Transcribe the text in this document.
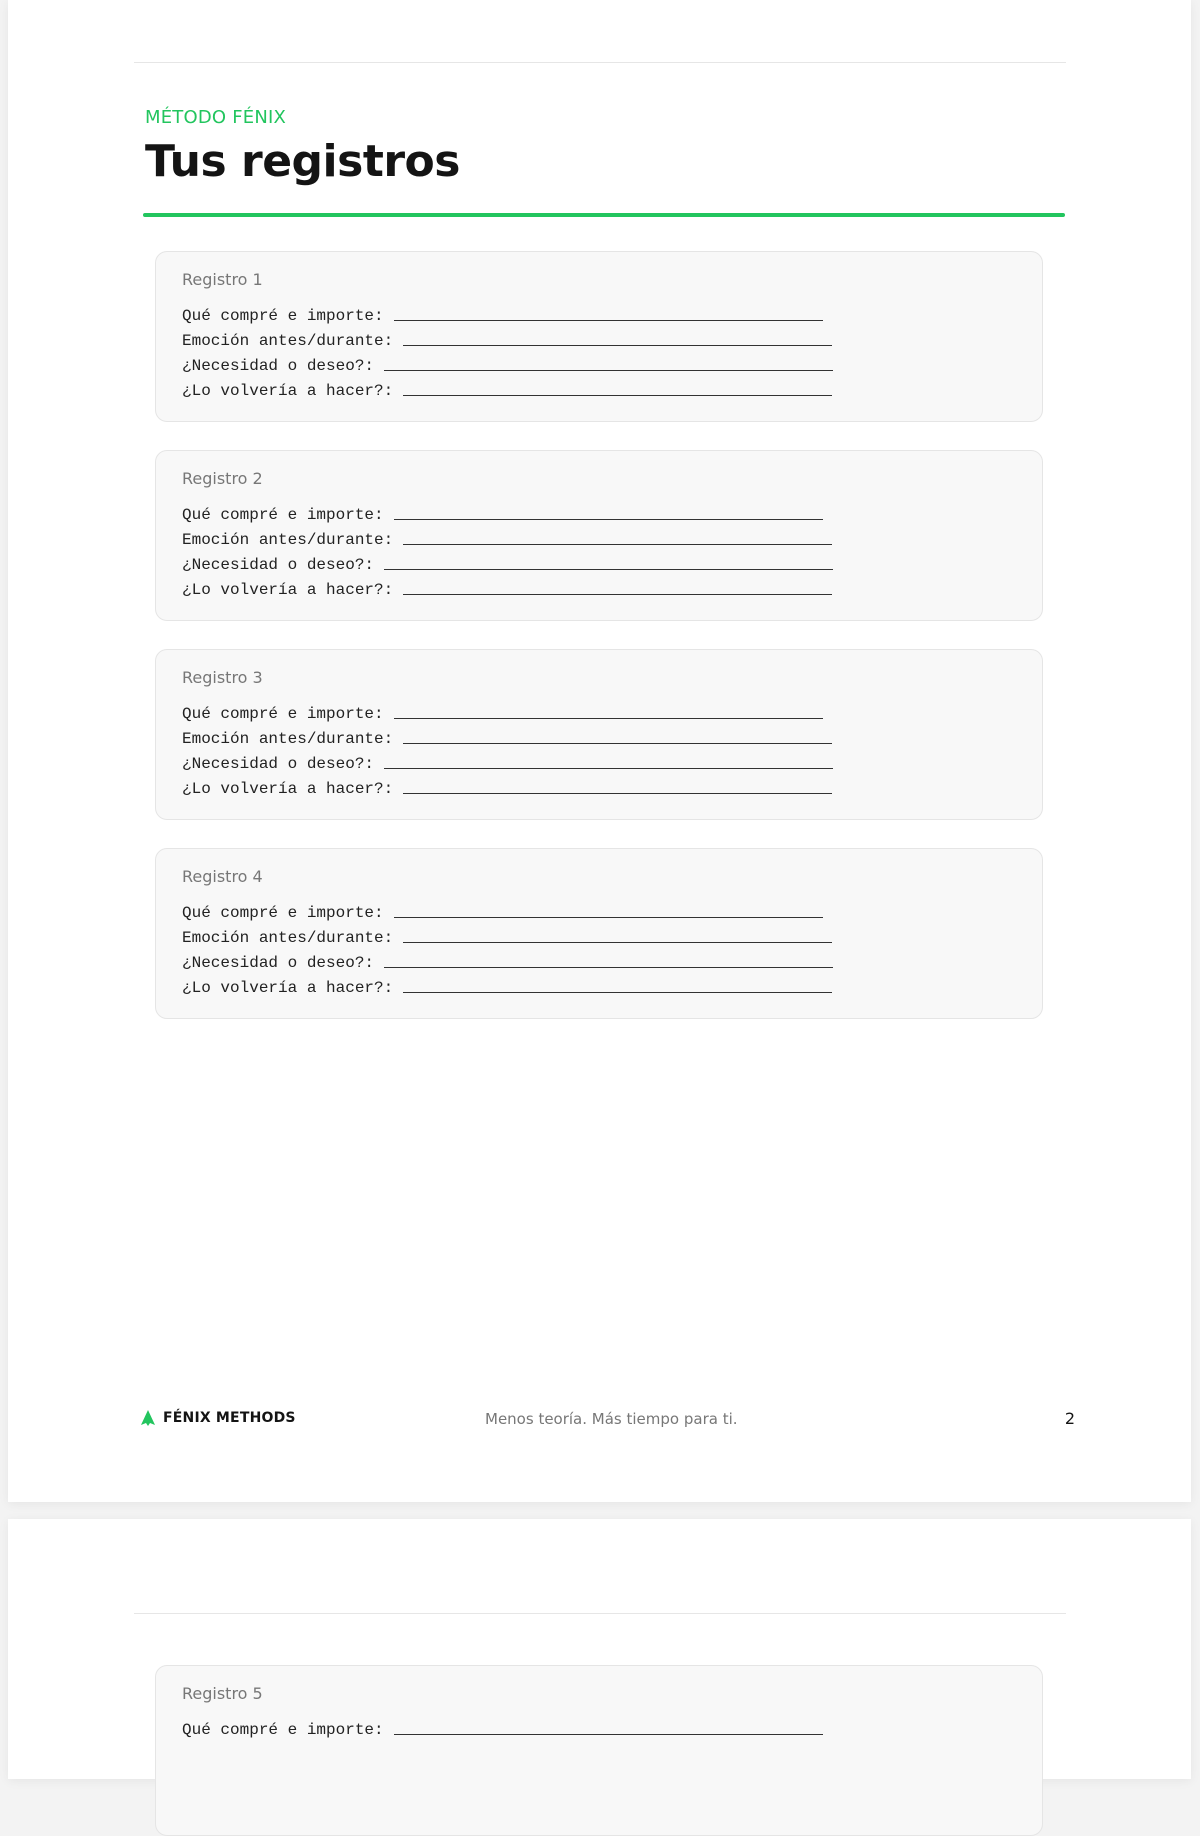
MÉTODO FÉNIX
Tus registros
Registro 1
Qué compré e importe:
Emoción antes/durante:
¿Necesidad o deseo?:
¿Lo volvería a hacer?:
Registro 2
Qué compré e importe:
Emoción antes/durante:
¿Necesidad o deseo?:
¿Lo volvería a hacer?:
Registro 3
Qué compré e importe:
Emoción antes/durante:
¿Necesidad o deseo?:
¿Lo volvería a hacer?:
Registro 4
Qué compré e importe:
Emoción antes/durante:
¿Necesidad o deseo?:
¿Lo volvería a hacer?:
FÉNIX METHODS	Menos teoría. Más tiempo para ti.	2
Registro 5
Qué compré e importe:
